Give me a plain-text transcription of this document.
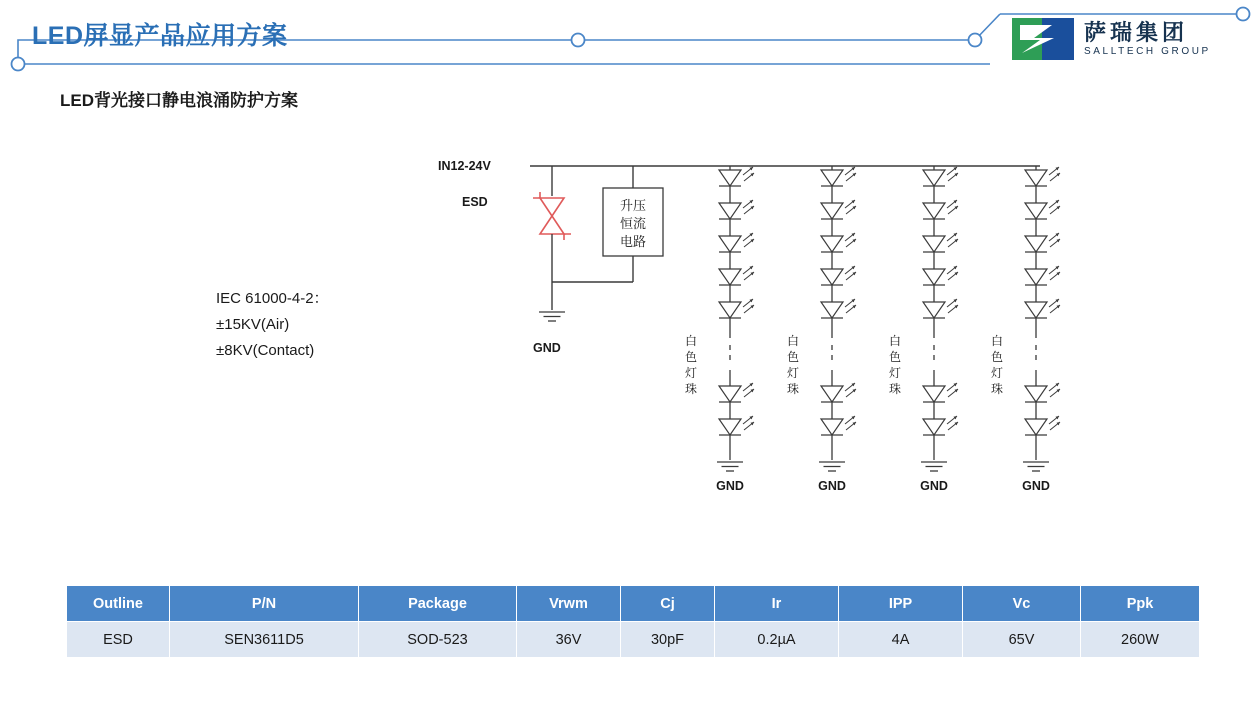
LED屏显产品应用方案	萨瑞集团
SALLTECH GROUP
LED背光接口静电浪涌防护方案
IEC 61000-4-2：
±15KV(Air)
±8KV(Contact)
IN12-24V
ESD
GND
升压
恒流
电路
GND
白
色
灯
珠
GND
白
色
灯
珠
GND
白
色
灯
珠
GND
白
色
灯
珠
Outline	P/N	Package	Vrwm	Cj	Ir	IPP	Vc	Ppk
ESD	SEN3611D5	SOD-523	36V	30pF	0.2µA	4A	65V	260W
